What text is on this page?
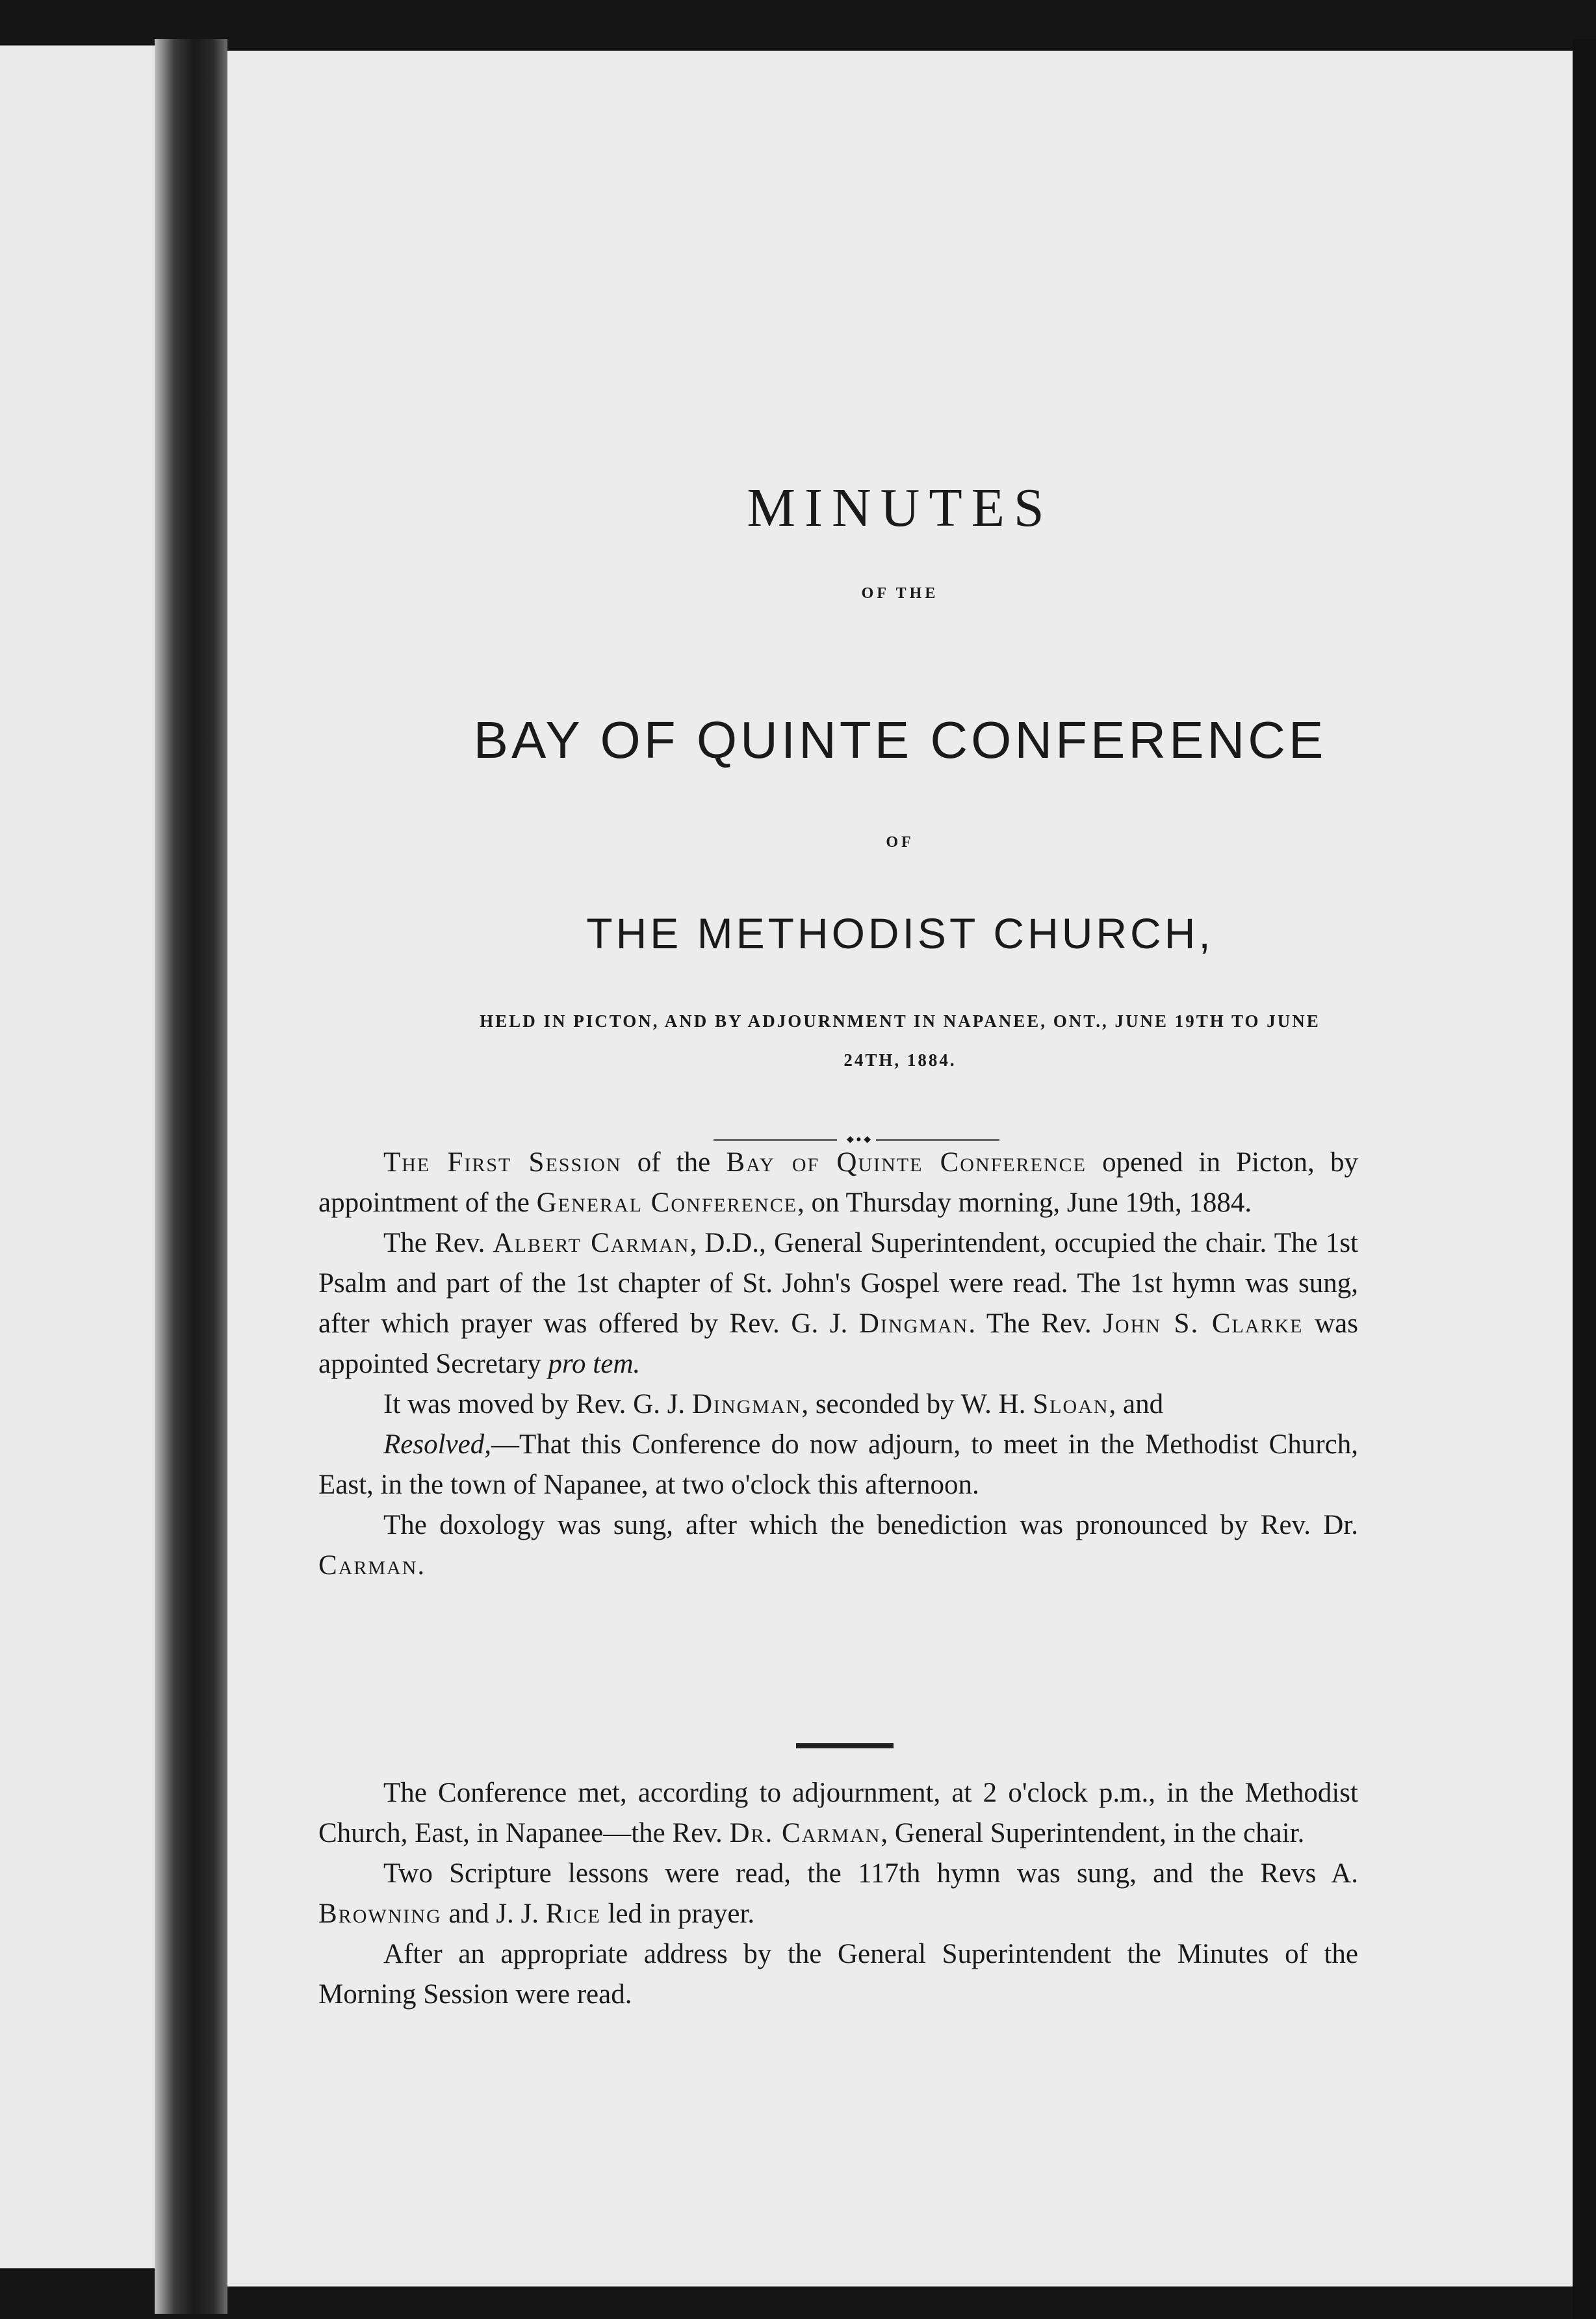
MINUTES
OF THE
BAY OF QUINTE CONFERENCE
OF
THE METHODIST CHURCH,
HELD IN PICTON, AND BY ADJOURNMENT IN NAPANEE, ONT., JUNE 19TH TO JUNE 24TH, 1884.
◆ ● ◆

The First Session of the Bay of Quinte Conference opened in Picton, by appointment of the General Conference, on Thursday morning, June 19th, 1884.

The Rev. Albert Carman, D.D., General Superintendent, occupied the chair. The 1st Psalm and part of the 1st chapter of St. John's Gospel were read. The 1st hymn was sung, after which prayer was offered by Rev. G. J. Dingman. The Rev. John S. Clarke was appointed Secretary pro tem.

It was moved by Rev. G. J. Dingman, seconded by W. H. Sloan, and

Resolved,—That this Conference do now adjourn, to meet in the Methodist Church, East, in the town of Napanee, at two o'clock this afternoon.

The doxology was sung, after which the benediction was pronounced by Rev. Dr. Carman.

The Conference met, according to adjournment, at 2 o'clock p.m., in the Methodist Church, East, in Napanee—the Rev. Dr. Carman, General Superintendent, in the chair.

Two Scripture lessons were read, the 117th hymn was sung, and the Revs A. Browning and J. J. Rice led in prayer.

After an appropriate address by the General Superintendent the Minutes of the Morning Session were read.
